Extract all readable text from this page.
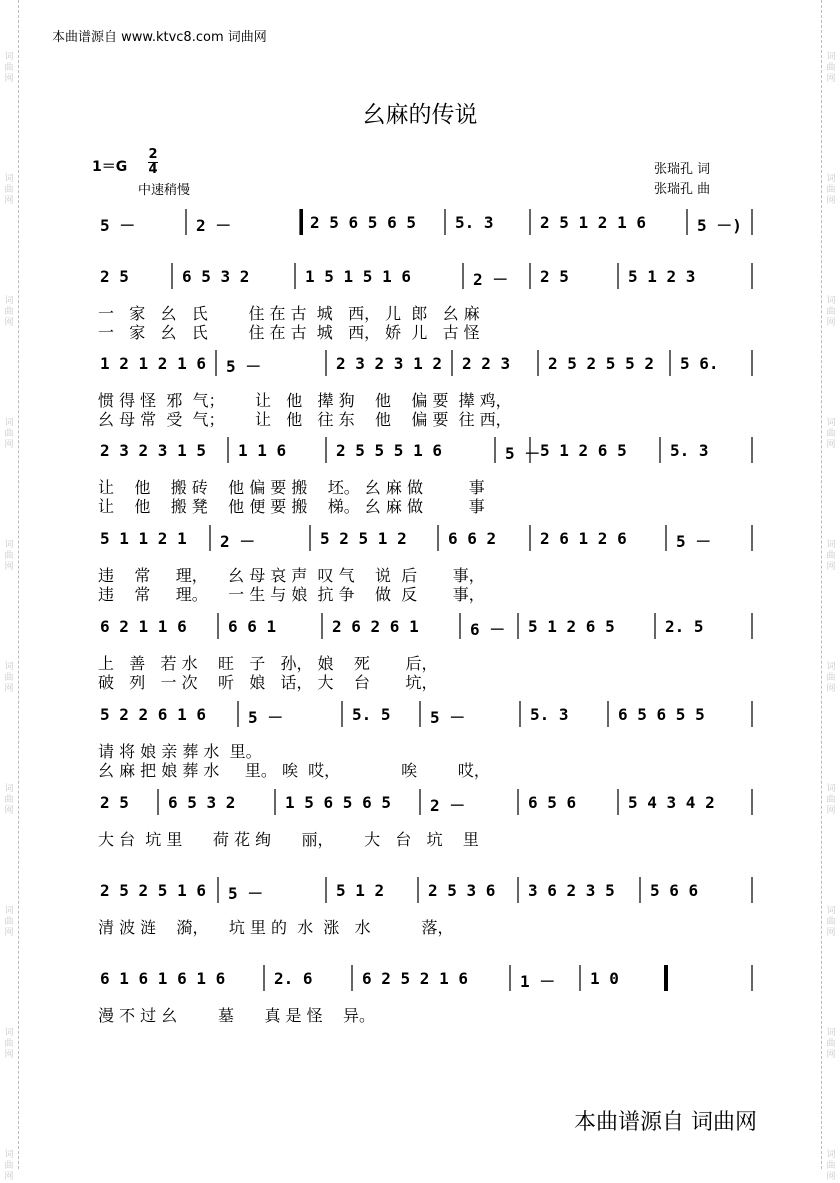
词
曲
网
词
曲
网
词
曲
网
词
曲
网
词
曲
网
词
曲
网
词
曲
网
词
曲
网
词
曲
网
词
曲
网
词
曲
网
词
曲
网
词
曲
网
词
曲
网
词
曲
网
词
曲
网
词
曲
网
词
曲
网
词
曲
网
词
曲
网
本曲谱源自 www.ktvc8.com 词曲网
幺麻的传说
1＝G
2
4
中速稍慢
张瑞孔 词
张瑞孔 曲
5 －	2 －	2 5 6 5 6 5 5. 3	2 5 1 2 1 6	5 －)
2 5	6 5 3 2	1 5 1 5 1 6	2 － 2 5	5 1 2 3
一   家   幺   氏        住 在 古  城   西， 儿  郎   幺 麻
一   家   幺   氏        住 在 古  城   西， 娇  儿   古 怪
1 2 1 2 1 6 5 －	2 3 2 3 1 2 2 2 3 2 5 2 5 5 2 5 6.
惯 得 怪  邪  气；      让   他   撵 狗    他    偏 要  撵 鸡，
幺 母 常  受  气；      让   他   往 东    他    偏 要  往 西，
2 3 2 3 1 5 1 1 6	2 5 5 5 1 6	5 － 5 1 2 6 5	5. 3
让    他    搬 砖    他 偏 要 搬    坯。 幺 麻 做         事
让    他    搬 凳    他 便 要 搬    梯。 幺 麻 做         事
5 1 1 2 1 2 －	5 2 5 1 2	6 6 2	2 6 1 2 6	5 －
违    常     理，    幺 母 哀 声  叹 气    说  后       事，
违    常     理。    一 生 与 娘  抗 争    做  反       事，
6 2 1 1 6	6 6 1	2 6 2 6 1	6 － 5 1 2 6 5	2. 5
上   善   若 水    旺   子   孙， 娘    死       后，
破   列   一 次    听   娘   话， 大    台       坑，
5 2 2 6 1 6	5 －	5. 5 5 －	5. 3	6 5 6 5 5
请 将 娘 亲 葬 水  里。
幺 麻 把 娘 葬 水     里。 唉  哎，            唉        哎，
2 5 6 5 3 2	1 5 6 5 6 5 2 －	6 5 6	5 4 3 4 2
大 台  坑 里      荷 花 绚      丽，      大   台   坑    里
2 5 2 5 1 6 5 －	5 1 2	2 5 3 6 3 6 2 3 5 5 6 6
清 波 涟    漪，    坑 里 的  水  涨   水          落，
6 1 6 1 6 1 6	2. 6	6 2 5 2 1 6	1 － 1 0
漫 不 过 幺        墓      真 是 怪    异。
本曲谱源自 词曲网
